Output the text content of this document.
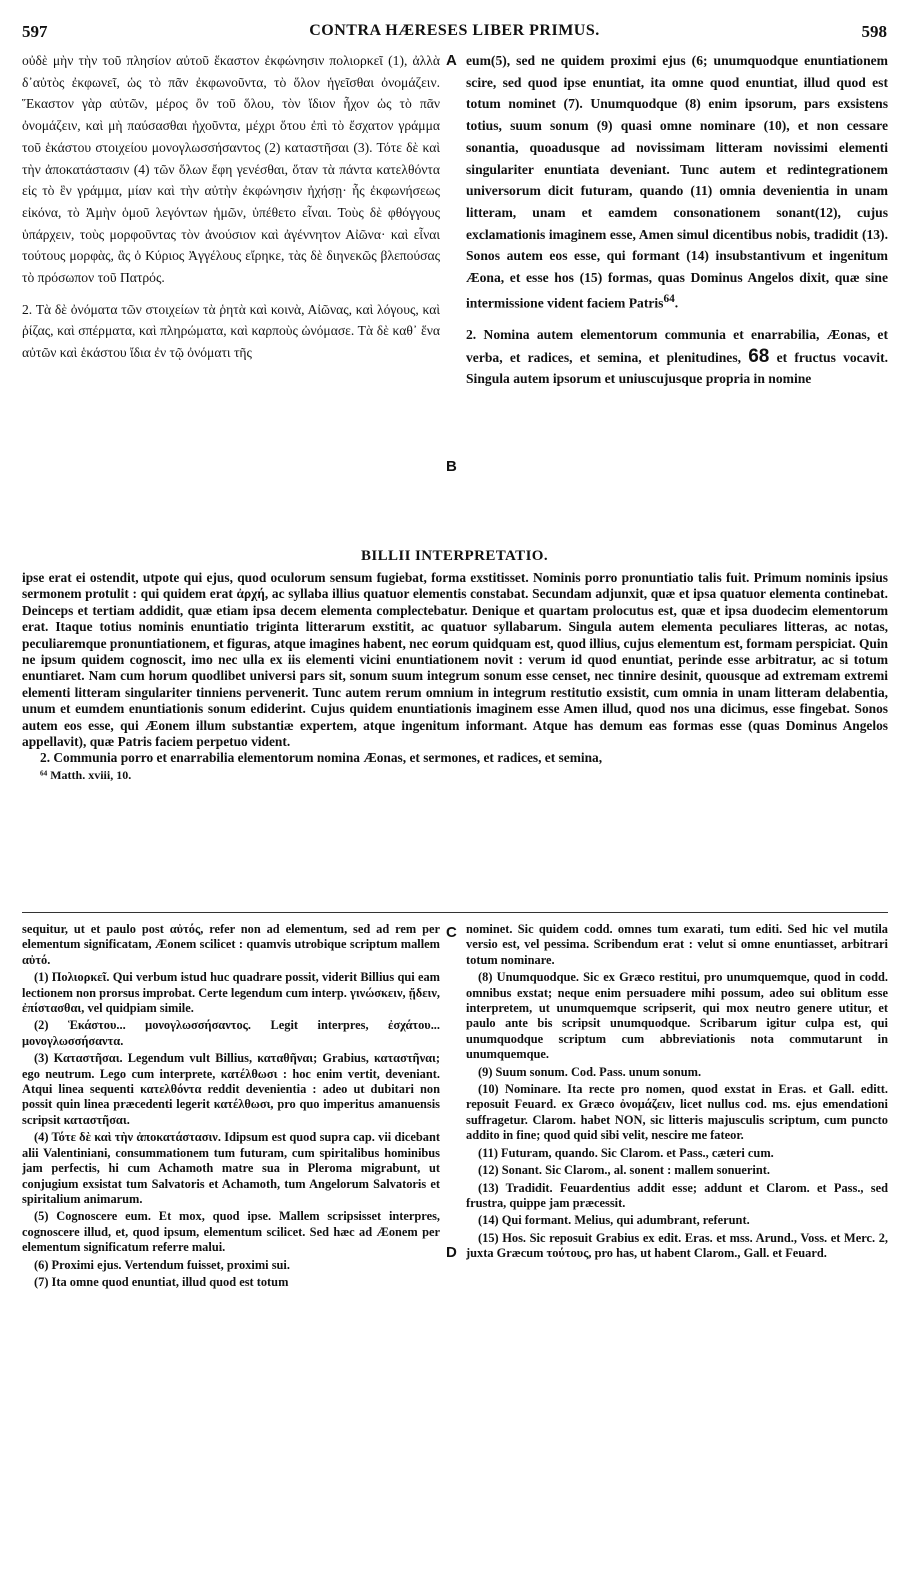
597	CONTRA HÆRESES LIBER PRIMUS.	598
A
B
C
D

οὐδὲ μὴν τὴν τοῦ πλησίον αὐτοῦ ἕκαστον ἐκφώνησιν πολιορκεῖ (1), ἀλλὰ δ᾽αὐτὸς ἐκφωνεῖ, ὡς τὸ πᾶν ἐκφωνοῦντα, τὸ ὅλον ἡγεῖσθαι ὀνομάζειν. Ἕκαστον γὰρ αὐτῶν, μέρος ὂν τοῦ ὅλου, τὸν ἴδιον ἦχον ὡς τὸ πᾶν ὀνομάζειν, καὶ μὴ παύσασθαι ἠχοῦντα, μέχρι ὅτου ἐπὶ τὸ ἔσχατον γράμμα τοῦ ἑκάστου στοιχείου μονογλωσσήσαντος (2) καταστῆσαι (3). Τότε δὲ καὶ τὴν ἀποκατάστασιν (4) τῶν ὅλων ἔφη γενέσθαι, ὅταν τὰ πάντα κατελθόντα εἰς τὸ ἓν γράμμα, μίαν καὶ τὴν αὐτὴν ἐκφώνησιν ἠχήσῃ· ἧς ἐκφωνήσεως εἰκόνα, τὸ Ἀμὴν ὁμοῦ λεγόντων ἡμῶν, ὑπέθετο εἶναι. Τοὺς δὲ φθόγγους ὑπάρχειν, τοὺς μορφοῦντας τὸν ἀνούσιον καὶ ἀγέννητον Αἰῶνα· καὶ εἶναι τούτους μορφὰς, ἃς ὁ Κύριος Ἀγγέλους εἴρηκε, τὰς δὲ διηνεκῶς βλεπούσας τὸ πρόσωπον τοῦ Πατρός.

2. Τὰ δὲ ὀνόματα τῶν στοιχείων τὰ ῥητὰ καὶ κοινὰ, Αἰῶνας, καὶ λόγους, καὶ ῥίζας, καὶ σπέρματα, καὶ πληρώματα, καὶ καρποὺς ὠνόμασε. Τὰ δὲ καθ᾽ ἕνα αὐτῶν καὶ ἑκάστου ἴδια ἐν τῷ ὀνόματι τῆς

eum(5), sed ne quidem proximi ejus (6; unumquodque enuntiationem scire, sed quod ipse enuntiat, ita omne quod enuntiat, illud quod est totum nominet (7). Unumquodque (8) enim ipsorum, pars exsistens totius, suum sonum (9) quasi omne nominare (10), et non cessare sonantia, quoadusque ad novissimam litteram novissimi elementi singulariter enuntiata deveniant. Tunc autem et redintegrationem universorum dicit futuram, quando (11) omnia devenientia in unam litteram, unam et eamdem consonationem sonant(12), cujus exclamationis imaginem esse, Amen simul dicentibus nobis, tradidit (13). Sonos autem eos esse, qui formant (14) insubstantivum et ingenitum Æona, et esse hos (15) formas, quas Dominus Angelos dixit, quæ sine intermissione vident faciem Patris$^{64}$.

2. Nomina autem elementorum communia et enarrabilia, Æonas, et verba, et radices, et semina, et plenitudines, 68 et fructus vocavit. Singula autem ipsorum et uniuscujusque propria in nomine

BILLII INTERPRETATIO.

ipse erat ei ostendit, utpote qui ejus, quod oculorum sensum fugiebat, forma exstitisset. Nominis porro pronuntiatio talis fuit. Primum nominis ipsius sermonem protulit : qui quidem erat ἀρχή, ac syllaba illius quatuor elementis constabat. Secundam adjunxit, quæ et ipsa quatuor elementa continebat. Deinceps et tertiam addidit, quæ etiam ipsa decem elementa complectebatur. Denique et quartam prolocutus est, quæ et ipsa duodecim elementorum erat. Itaque totius nominis enuntiatio triginta litterarum exstitit, ac quatuor syllabarum. Singula autem elementa peculiares litteras, ac notas, peculiaremque pronuntiationem, et figuras, atque imagines habent, nec eorum quidquam est, quod illius, cujus elementum est, formam perspiciat. Quin ne ipsum quidem cognoscit, imo nec ulla ex iis elementi vicini enuntiationem novit : verum id quod enuntiat, perinde esse arbitratur, ac si totum enuntiaret. Nam cum horum quodlibet universi pars sit, sonum suum integrum sonum esse censet, nec tinnire desinit, quousque ad extremam extremi elementi litteram singulariter tinniens pervenerit. Tunc autem rerum omnium in integrum restitutio exsistit, cum omnia in unam litteram delabentia, unum et eumdem enuntiationis sonum ediderint. Cujus quidem enuntiationis imaginem esse Amen illud, quod nos una dicimus, esse fingebat. Sonos autem eos esse, qui Æonem illum substantiæ expertem, atque ingenitum informant. Atque has demum eas formas esse (quas Dominus Angelos appellavit), quæ Patris faciem perpetuo vident.

2. Communia porro et enarrabilia elementorum nomina Æonas, et sermones, et radices, et semina,

⁶⁴ Matth. xviii, 10.

sequitur, ut et paulo post αὐτός, refer non ad elementum, sed ad rem per elementum significatam, Æonem scilicet : quamvis utrobique scriptum mallem αὐτό.

(1) Πολιορκεῖ. Qui verbum istud huc quadrare possit, viderit Billius qui eam lectionem non prorsus improbat. Certe legendum cum interp. γινώσκειν, ᾔδειν, ἐπίστασθαι, vel quidpiam simile.

(2) Ἑκάστου... μονογλωσσήσαντος. Legit interpres, ἐσχάτου... μονογλωσσήσαντα.

(3) Καταστῆσαι. Legendum vult Billius, καταθῆναι; Grabius, καταστῆναι; ego neutrum. Lego cum interprete, κατέλθωσι : hoc enim vertit, deveniant. Atqui linea sequenti κατελθόντα reddit devenientia : adeo ut dubitari non possit quin linea præcedenti legerit κατέλθωσι, pro quo imperitus amanuensis scripsit καταστῆσαι.

(4) Τότε δὲ καὶ τὴν ἀποκατάστασιν. Idipsum est quod supra cap. vii dicebant alii Valentiniani, consummationem tum futuram, cum spiritalibus hominibus jam perfectis, hi cum Achamoth matre sua in Pleroma migrabunt, ut conjugium exsistat tum Salvatoris et Achamoth, tum Angelorum Salvatoris et spiritalium animarum.

(5) Cognoscere eum. Et mox, quod ipse. Mallem scripsisset interpres, cognoscere illud, et, quod ipsum, elementum scilicet. Sed hæc ad Æonem per elementum significatum referre malui.

(6) Proximi ejus. Vertendum fuisset, proximi sui.

(7) Ita omne quod enuntiat, illud quod est totum

nominet. Sic quidem codd. omnes tum exarati, tum editi. Sed hic vel mutila versio est, vel pessima. Scribendum erat : velut si omne enuntiasset, arbitrari totum nominare.

(8) Unumquodque. Sic ex Græco restitui, pro unumquemque, quod in codd. omnibus exstat; neque enim persuadere mihi possum, adeo sui oblitum esse interpretem, ut unumquemque scripserit, qui mox neutro genere utitur, et paulo ante bis scripsit unumquodque. Scribarum igitur culpa est, qui unumquodque scriptum cum abbreviationis nota commutarunt in unumquemque.

(9) Suum sonum. Cod. Pass. unum sonum.

(10) Nominare. Ita recte pro nomen, quod exstat in Eras. et Gall. editt. reposuit Feuard. ex Græco ὀνομάζειν, licet nullus cod. ms. ejus emendationi suffragetur. Clarom. habet NON, sic litteris majusculis scriptum, cum puncto addito in fine; quod quid sibi velit, nescire me fateor.

(11) Futuram, quando. Sic Clarom. et Pass., cæteri cum.

(12) Sonant. Sic Clarom., al. sonent : mallem sonuerint.

(13) Tradidit. Feuardentius addit esse; addunt et Clarom. et Pass., sed frustra, quippe jam præcessit.

(14) Qui formant. Melius, qui adumbrant, referunt.

(15) Hos. Sic reposuit Grabius ex edit. Eras. et mss. Arund., Voss. et Merc. 2, juxta Græcum τούτους, pro has, ut habent Clarom., Gall. et Feuard.
